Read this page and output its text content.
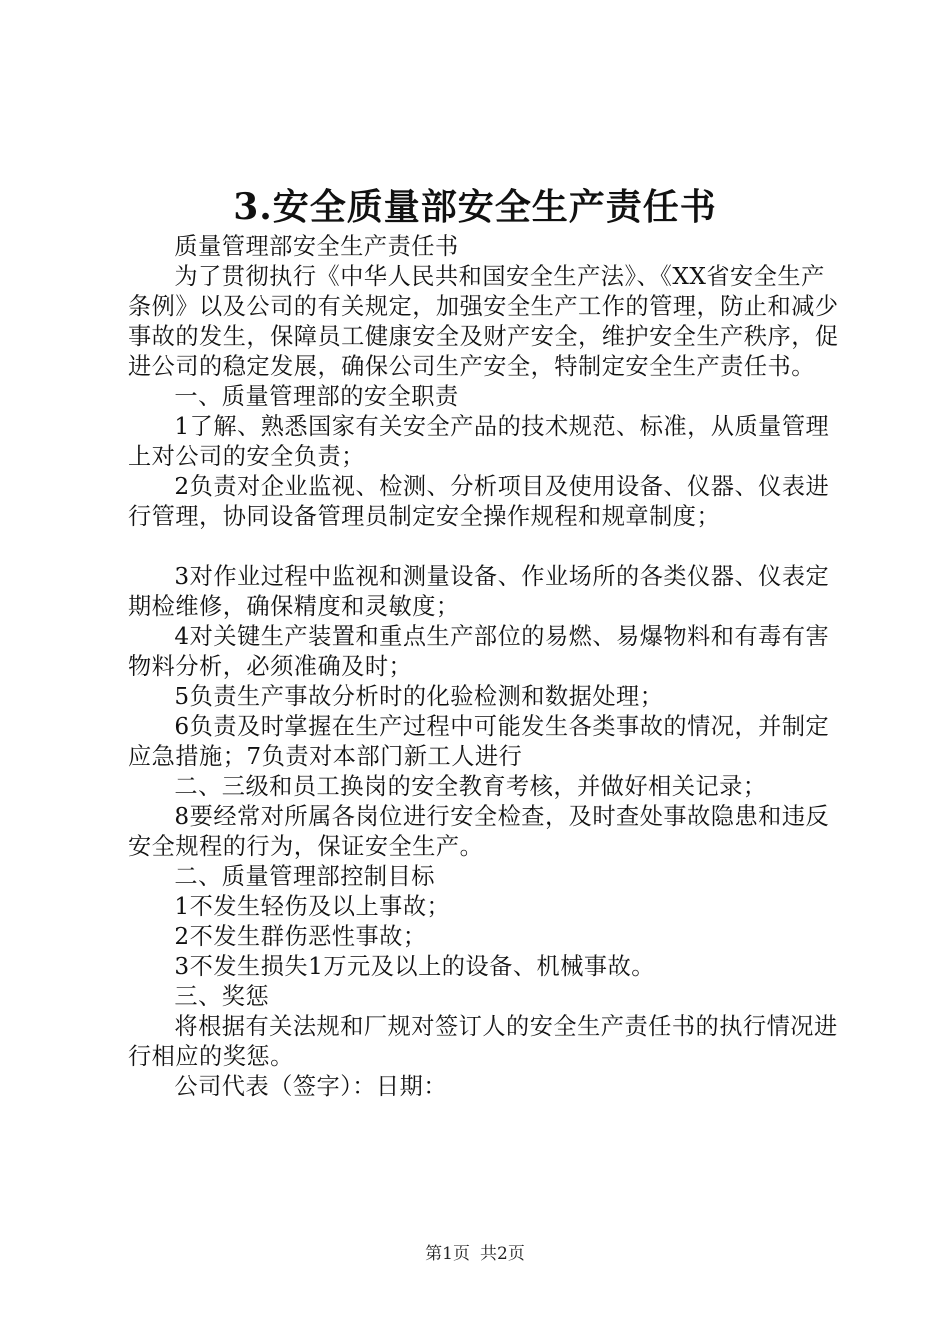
3.安全质量部安全生产责任书

质量管理部安全生产责任书

为了贯彻执行《中华人民共和国安全生产法》、《XX省安全生产条例》以及公司的有关规定，加强安全生产工作的管理，防止和减少事故的发生，保障员工健康安全及财产安全，维护安全生产秩序，促进公司的稳定发展，确保公司生产安全，特制定安全生产责任书。

一、质量管理部的安全职责

1了解、熟悉国家有关安全产品的技术规范、标准，从质量管理上对公司的安全负责；

2负责对企业监视、检测、分析项目及使用设备、仪器、仪表进行管理，协同设备管理员制定安全操作规程和规章制度；

3对作业过程中监视和测量设备、作业场所的各类仪器、仪表定期检维修，确保精度和灵敏度；

4对关键生产装置和重点生产部位的易燃、易爆物料和有毒有害物料分析，必须准确及时；

5负责生产事故分析时的化验检测和数据处理；

6负责及时掌握在生产过程中可能发生各类事故的情况，并制定应急措施；7负责对本部门新工人进行

二、三级和员工换岗的安全教育考核，并做好相关记录；

8要经常对所属各岗位进行安全检查，及时查处事故隐患和违反安全规程的行为，保证安全生产。

二、质量管理部控制目标

1不发生轻伤及以上事故；

2不发生群伤恶性事故；

3不发生损失1万元及以上的设备、机械事故。

三、奖惩

将根据有关法规和厂规对签订人的安全生产责任书的执行情况进行相应的奖惩。

公司代表（签字）：日期：

第1页 共2页
